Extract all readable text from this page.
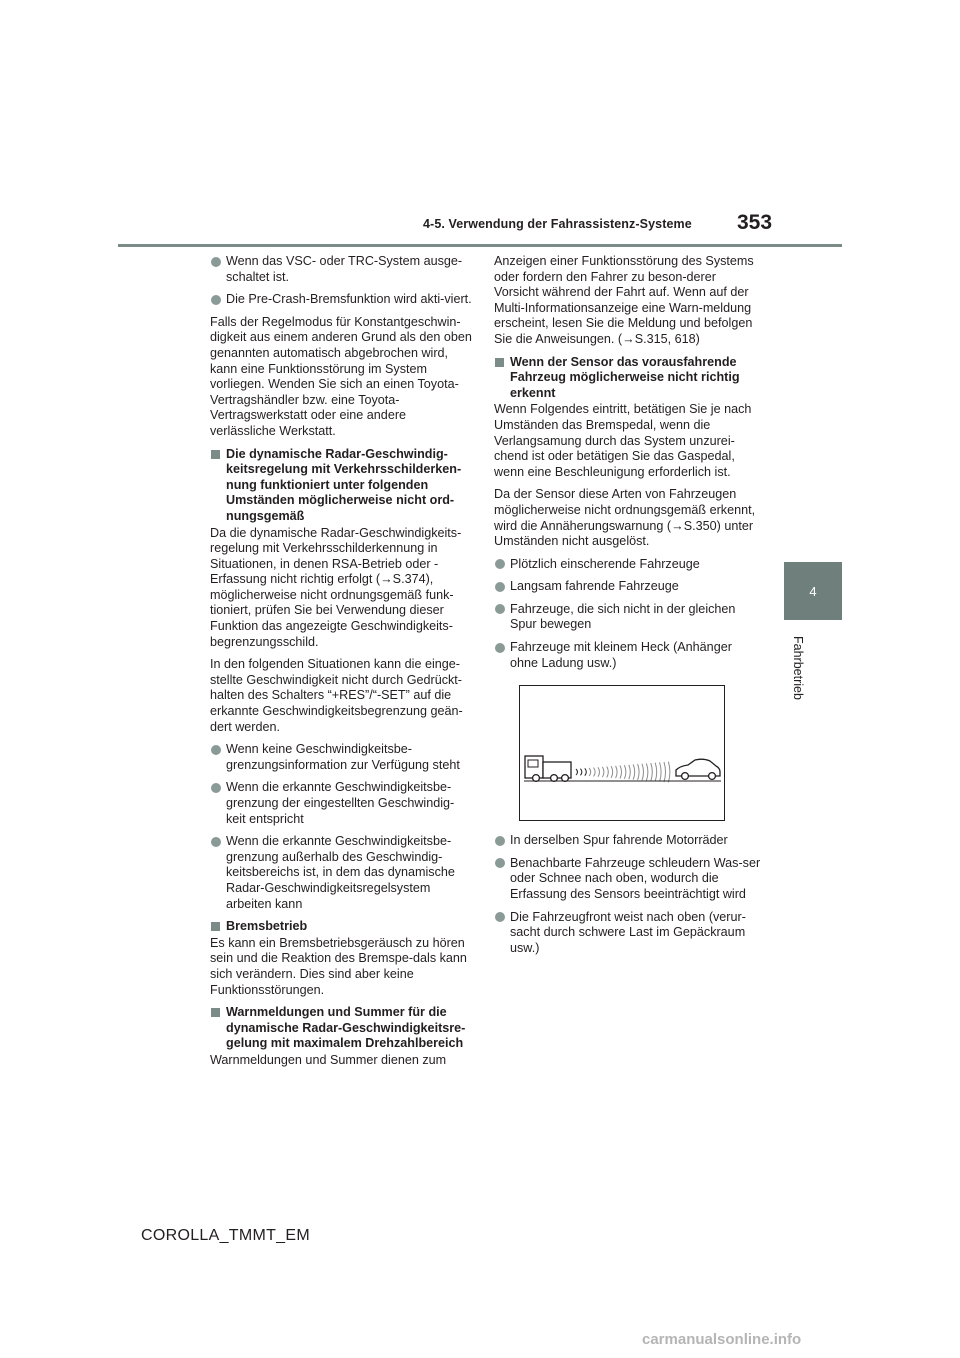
4-5. Verwendung der Fahrassistenz-Systeme 353
4
Fahrbetrieb
Wenn das VSC- oder TRC-System ausge-schaltet ist.
Die Pre-Crash-Bremsfunktion wird akti-viert.
Falls der Regelmodus für Konstantgeschwin-digkeit aus einem anderen Grund als den oben genannten automatisch abgebrochen wird, kann eine Funktionsstörung im System vorliegen. Wenden Sie sich an einen Toyota-Vertragshändler bzw. eine Toyota-Vertragswerkstatt oder eine andere verlässliche Werkstatt.
Die dynamische Radar-Geschwindig-keitsregelung mit Verkehrsschilderken-nung funktioniert unter folgenden Umständen möglicherweise nicht ord-nungsgemäß
Da die dynamische Radar-Geschwindigkeits-regelung mit Verkehrsschilderkennung in Situationen, in denen RSA-Betrieb oder -Erfassung nicht richtig erfolgt (→S.374), möglicherweise nicht ordnungsgemäß funk-tioniert, prüfen Sie bei Verwendung dieser Funktion das angezeigte Geschwindigkeits-begrenzungsschild.
In den folgenden Situationen kann die einge-stellte Geschwindigkeit nicht durch Gedrückt-halten des Schalters “+RES”/“-SET” auf die erkannte Geschwindigkeitsbegrenzung geän-dert werden.
Wenn keine Geschwindigkeitsbe-grenzungsinformation zur Verfügung steht
Wenn die erkannte Geschwindigkeitsbe-grenzung der eingestellten Geschwindig-keit entspricht
Wenn die erkannte Geschwindigkeitsbe-grenzung außerhalb des Geschwindig-keitsbereichs ist, in dem das dynamische Radar-Geschwindigkeitsregelsystem arbeiten kann
Bremsbetrieb
Es kann ein Bremsbetriebsgeräusch zu hören sein und die Reaktion des Bremspe-dals kann sich verändern. Dies sind aber keine Funktionsstörungen.
Warnmeldungen und Summer für die dynamische Radar-Geschwindigkeitsre-gelung mit maximalem Drehzahlbereich
Warnmeldungen und Summer dienen zum
Anzeigen einer Funktionsstörung des Systems oder fordern den Fahrer zu beson-derer Vorsicht während der Fahrt auf. Wenn auf der Multi-Informationsanzeige eine Warn-meldung erscheint, lesen Sie die Meldung und befolgen Sie die Anweisungen. (→S.315, 618)
Wenn der Sensor das vorausfahrende Fahrzeug möglicherweise nicht richtig erkennt
Wenn Folgendes eintritt, betätigen Sie je nach Umständen das Bremspedal, wenn die Verlangsamung durch das System unzurei-chend ist oder betätigen Sie das Gaspedal, wenn eine Beschleunigung erforderlich ist.
Da der Sensor diese Arten von Fahrzeugen möglicherweise nicht ordnungsgemäß erkennt, wird die Annäherungswarnung (→S.350) unter Umständen nicht ausgelöst.
Plötzlich einscherende Fahrzeuge
Langsam fahrende Fahrzeuge
Fahrzeuge, die sich nicht in der gleichen Spur bewegen
Fahrzeuge mit kleinem Heck (Anhänger ohne Ladung usw.)
In derselben Spur fahrende Motorräder
Benachbarte Fahrzeuge schleudern Was-ser oder Schnee nach oben, wodurch die Erfassung des Sensors beeinträchtigt wird
Die Fahrzeugfront weist nach oben (verur-sacht durch schwere Last im Gepäckraum usw.)
COROLLA_TMMT_EM
carmanualsonline.info
